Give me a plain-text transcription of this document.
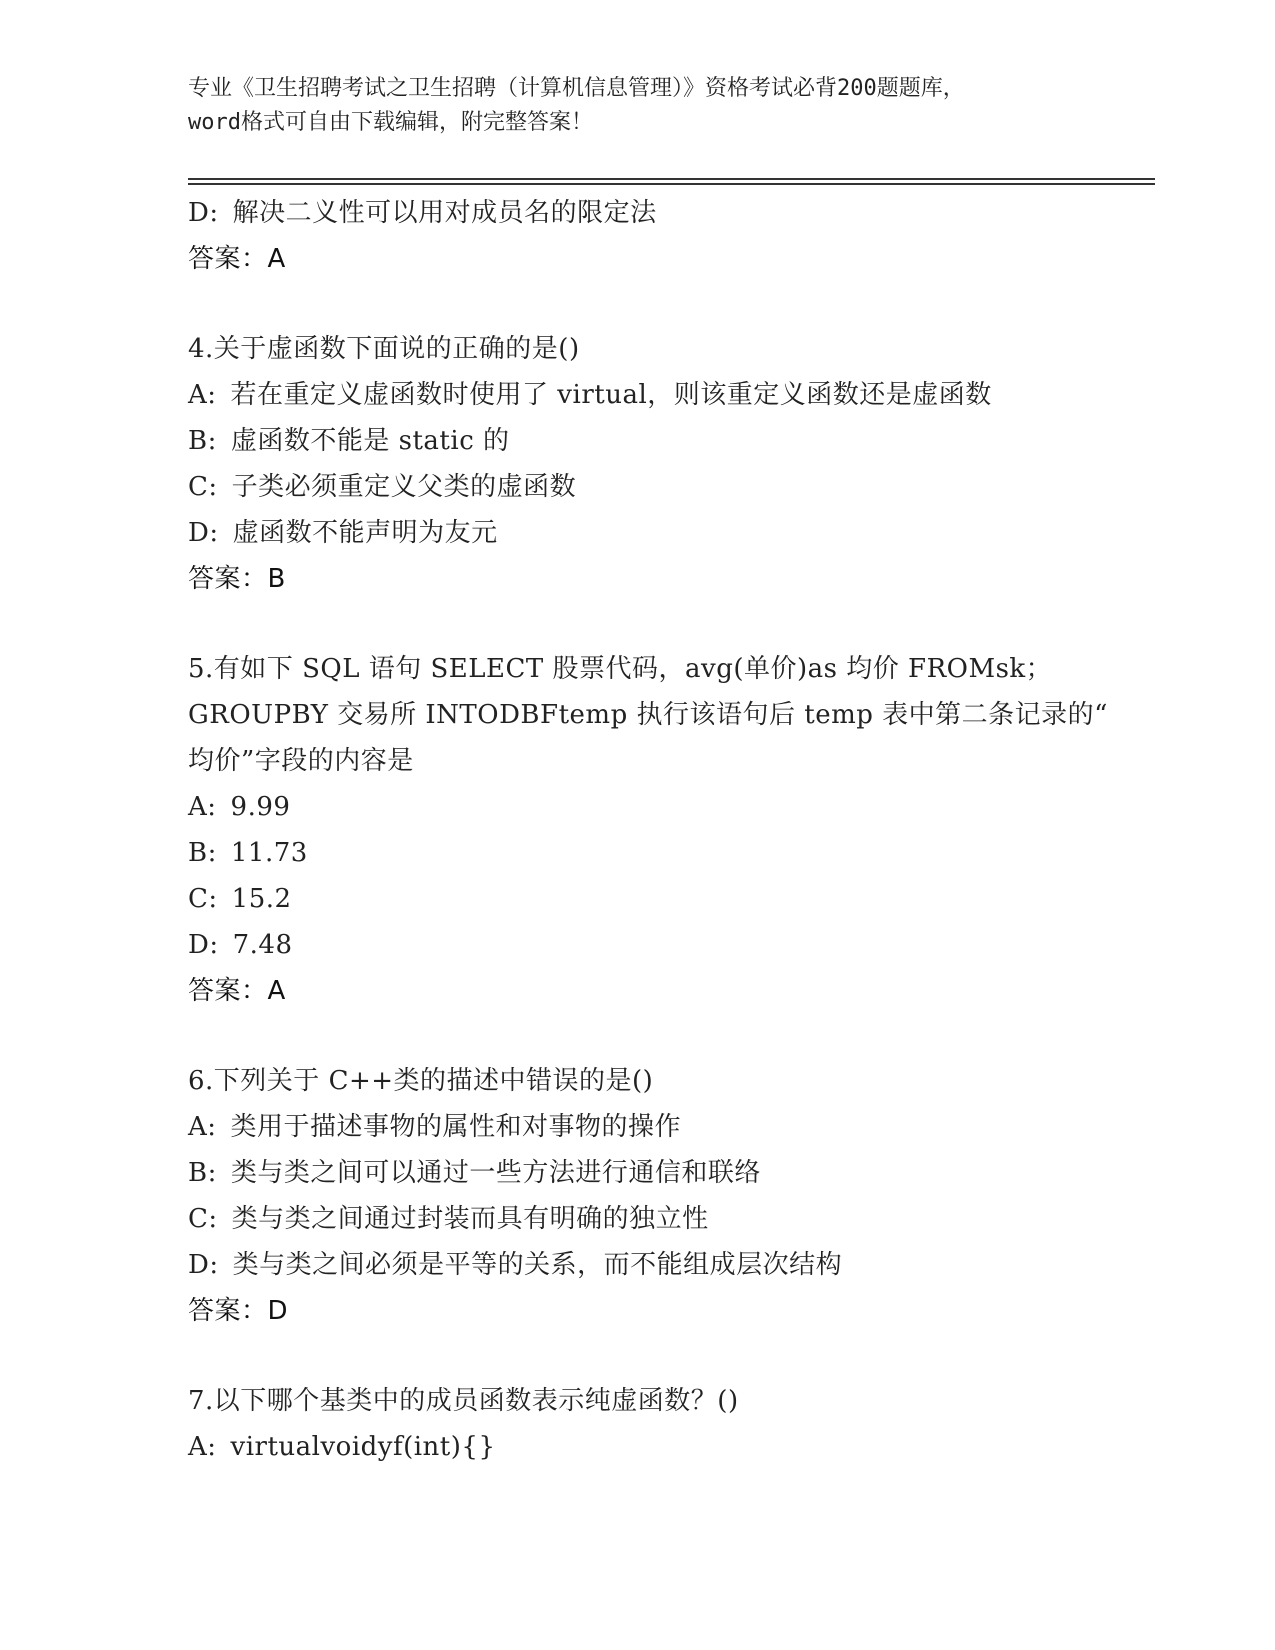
专业《卫生招聘考试之卫生招聘（计算机信息管理）》资格考试必背200题题库，
word格式可自由下载编辑，附完整答案！
D: 解决二义性可以用对成员名的限定法
答案：A
4.关于虚函数下面说的正确的是()
A: 若在重定义虚函数时使用了 virtual，则该重定义函数还是虚函数
B: 虚函数不能是 static 的
C: 子类必须重定义父类的虚函数
D: 虚函数不能声明为友元
答案：B
5.有如下 SQL 语句 SELECT 股票代码，avg(单价)as 均价 FROMsk；
GROUPBY 交易所 INTODBFtemp 执行该语句后 temp 表中第二条记录的“
均价”字段的内容是
A: 9.99
B: 11.73
C: 15.2
D: 7.48
答案：A
6.下列关于 C++类的描述中错误的是()
A: 类用于描述事物的属性和对事物的操作
B: 类与类之间可以通过一些方法进行通信和联络
C: 类与类之间通过封装而具有明确的独立性
D: 类与类之间必须是平等的关系，而不能组成层次结构
答案：D
7.以下哪个基类中的成员函数表示纯虚函数？()
A: virtualvoidyf(int){}
